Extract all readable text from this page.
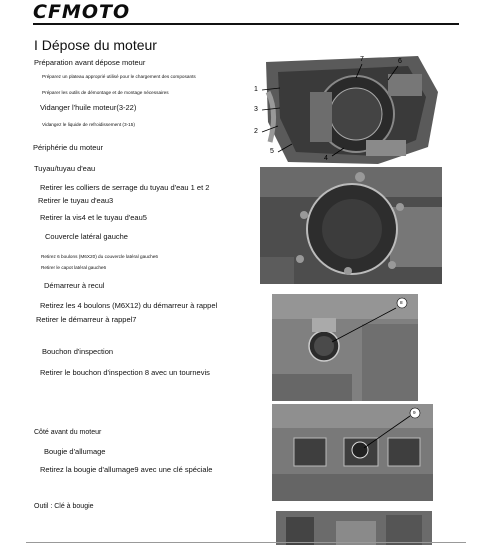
CFMOTO
I Dépose du moteur
Préparation avant dépose moteur
Préparez un plateau approprié utilisé pour le chargement des composants
Préparer les outils de démontage et de montage nécessaires
Vidanger l'huile moteur(3-22)
Vidangez le liquide de refroidissement (3-15)
Périphérie du moteur
Tuyau/tuyau d'eau
Retirer les colliers de serrage du tuyau d'eau 1 et 2
Retirer le tuyau d'eau3
Retirer la vis4 et le tuyau d'eau5
Couvercle latéral gauche
Retirez 6 boulons (M6X20) du couvercle latéral gauche6
Retirer le capot latéral gauche6
Démarreur à recul
Retirez les 4 boulons (M6X12) du démarreur à rappel
Retirer le démarreur à rappel7
Bouchon d'inspection
Retirer le bouchon d'inspection 8 avec un tournevis
Côté avant du moteur
Bougie d'allumage
Retirez la bougie d'allumage9 avec une clé spéciale
Outil : Clé à bougie
1
2
3
4
5
6
7
8
9
